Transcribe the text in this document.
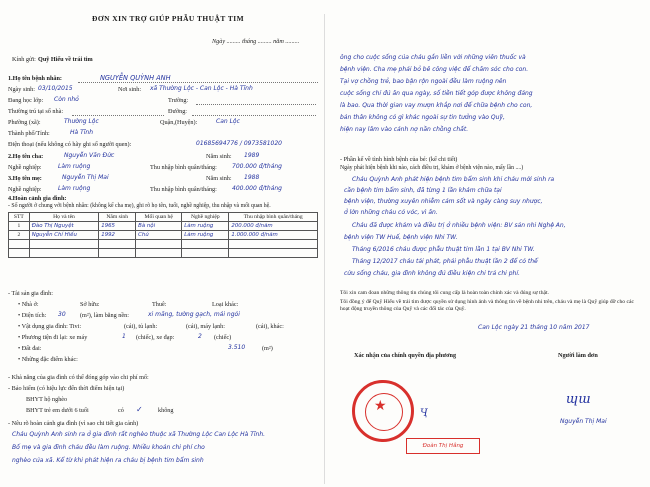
ĐƠN XIN TRỢ GIÚP PHẪU THUẬT TIM
Ngày ......... tháng ......... năm .........
Kính gửi: Quỹ Hiểu về trái tim
1.Họ tên bệnh nhân:	NGUYỄN QUỲNH ANH
Ngày sinh: 03/10/2015	Nơi sinh: xã Thường Lộc - Can Lộc - Hà Tĩnh
Đang học lớp: Còn nhỏ	Trường:
Thường trú tại số nhà:	Đường:
Phường (xã):	Thường Lộc	Quận,(Huyện):	Can Lộc
Thành phố/Tỉnh:	Hà Tĩnh
Điện thoại (nếu không có hãy ghi số người quen):	01685694776 / 0973581020
2.Họ tên cha:	Nguyễn Văn Đức	Năm sinh: 1989
Nghề nghiệp:	Làm ruộng	Thu nhập bình quân/tháng:	700.000 đ/tháng
3.Họ tên mẹ:	Nguyễn Thị Mai	Năm sinh: 1988
Nghề nghiệp:	Làm ruộng	Thu nhập bình quân/tháng:	400.000 đ/tháng
4.Hoàn cảnh gia đình:
- Số người ở chung với bệnh nhân: (không kể cha mẹ), ghi rõ họ tên, tuổi, nghề nghiệp, thu nhập và mối quan hệ.
STT	Họ và tên	Năm sinh	Mối quan hệ	Nghề nghiệp	Thu nhập bình quân/tháng
1	Đào Thị Nguyệt	1965	Bà nội	Làm ruộng	200.000 đ/năm
2	Nguyễn Chí Hiếu	1992	Chú	Làm ruộng	1.000.000 đ/năm

- Tài sản gia đình:
• Nhà ở:	Sở hữu:	Thuê:	Loại khác:
• Diện tích: 30 (m²), làm bằng nền:	xi măng, tường gạch, mái ngói
• Vật dụng gia đình: Tivi:	(cái), tủ lạnh:	(cái), máy lạnh:	(cái), khác:
• Phương tiện đi lại: xe máy	1 (chiếc), xe đạp:	2 (chiếc)
• Đất đai:	3.510	(m²)
• Những đặc điểm khác:
- Khả năng của gia đình có thể đóng góp vào chi phí mổ:
- Bảo hiểm (có hiệu lực đến thời điểm hiện tại)
BHYT hộ nghèo
BHYT trẻ em dưới 6 tuổi	có ✓ không
- Nêu rõ hoàn cảnh gia đình (vì sao chi tiết gia cảnh)
Cháu Quỳnh Anh sinh ra ở gia đình rất nghèo thuộc xã Thường Lộc Can Lộc Hà Tĩnh.
Bố mẹ và gia đình cháu đều làm ruộng. Nhiều khoản chi phí cho
nghèo của xã. Kể từ khi phát hiện ra cháu bị bệnh tim bẩm sinh
ông cho cuộc sống của cháu gắn liền với những viên thuốc và
bệnh viện. Cha mẹ phải bỏ bê công việc để chăm sóc cho con.
Tại vợ chồng trẻ, bao bận rộn ngoài đều làm ruộng nên
cuộc sống chỉ đủ ăn qua ngày, số tiền tiết góp được không đáng
là bao. Qua thời gian vay mượn khắp nơi để chữa bệnh cho con,
bản thân không có gì khác ngoài sự tin tưởng vào Quỹ,
hiện nay lâm vào cảnh nợ nần chồng chất.
- Phần kể về tình hình bệnh của bé: (kể chi tiết)
Ngày phát hiện bệnh khi nào, cách điều trị, khám ở bệnh viện nào, mấy lần ....)
Cháu Quỳnh Anh phát hiện bệnh tim bẩm sinh khi cháu mới sinh ra
cần bệnh tim bẩm sinh, đã từng 1 lần khám chữa tại
bệnh viện, thường xuyên nhiễm cảm sốt và ngày càng suy nhược,
ở lớn những cháu có vóc, vì ăn.
Cháu đã được khám và điều trị ở nhiều bệnh viện: BV sản nhi Nghệ An,
bệnh viện TW Huế, bệnh viện Nhi TW.
Tháng 6/2016 cháu được phẫu thuật tim lần 1 tại BV Nhi TW.
Tháng 12/2017 cháu tái phát, phải phẫu thuật lần 2 để có thể
cứu sống cháu, gia đình không đủ điều kiện chi trả chi phí.
Tôi xin cam đoan những thông tin chúng tôi cung cấp là hoàn toàn chính xác và đúng sự thật.
Tôi đồng ý để Quỹ Hiểu về trái tim được quyền sử dụng hình ảnh và thông tin về bệnh nhi trên, cháu và mẹ là Quỹ giúp đỡ cho các hoạt động truyền thông của Quỹ và các đối tác của Quỹ.
Can Lộc ngày 21 tháng 10 năm 2017
Xác nhận của chính quyền địa phương	Người làm đơn
★	Ҷ
Đoàn Thị Hằng
ɰɯ
Nguyễn Thị Mai
